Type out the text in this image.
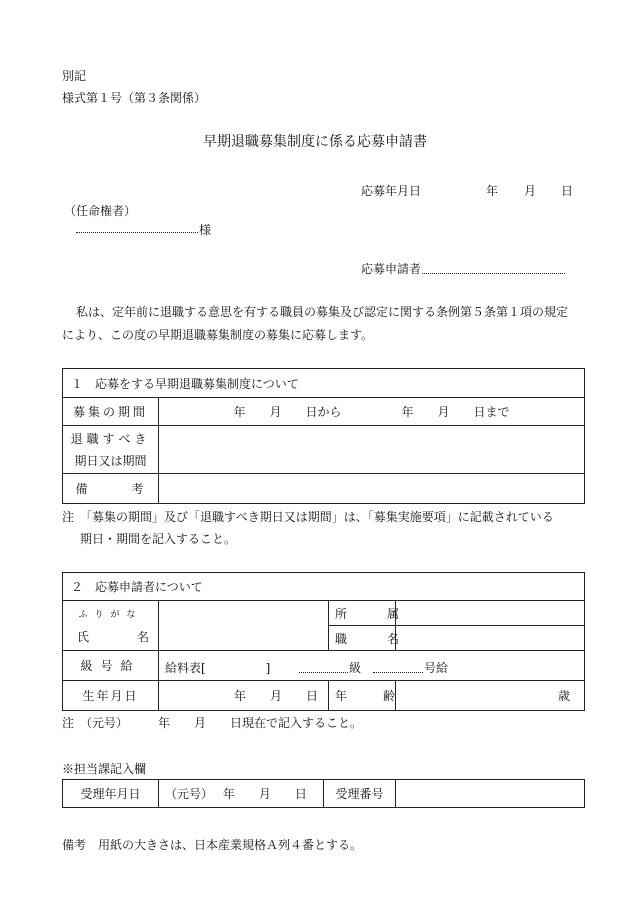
別記
様式第１号（第３条関係）
早期退職募集制度に係る応募申請書
応募年月日	年 月 日
（任命権者）
様
応募申請者
私は、定年前に退職する意思を有する職員の募集及び認定に関する条例第５条第１項の規定
により、この度の早期退職募集制度の募集に応募します。
１　応募をする早期退職募集制度について	
募集の期間	年　　月　　日から　　　　　年　　月　　日まで

退職すべき
期日又は期間	

備　　　考	
注　「募集の期間」及び「退職すべき期日又は期間」は、「募集実施要項」に記載されている
期日・期間を記入すること。
２　応募申請者について			

ふりがな
氏　名		所　属	
		職　名	
級号給	給料表[　　　　　] 級 号給		

生年月日	年　　月　　日	年　齢	歳
注　（元号）　　　年　　月　　日現在で記入すること。
※担当課記入欄
受理年月日	（元号）　 年　　月　　日	受理番号	
備考　用紙の大きさは、日本産業規格Ａ列４番とする。
